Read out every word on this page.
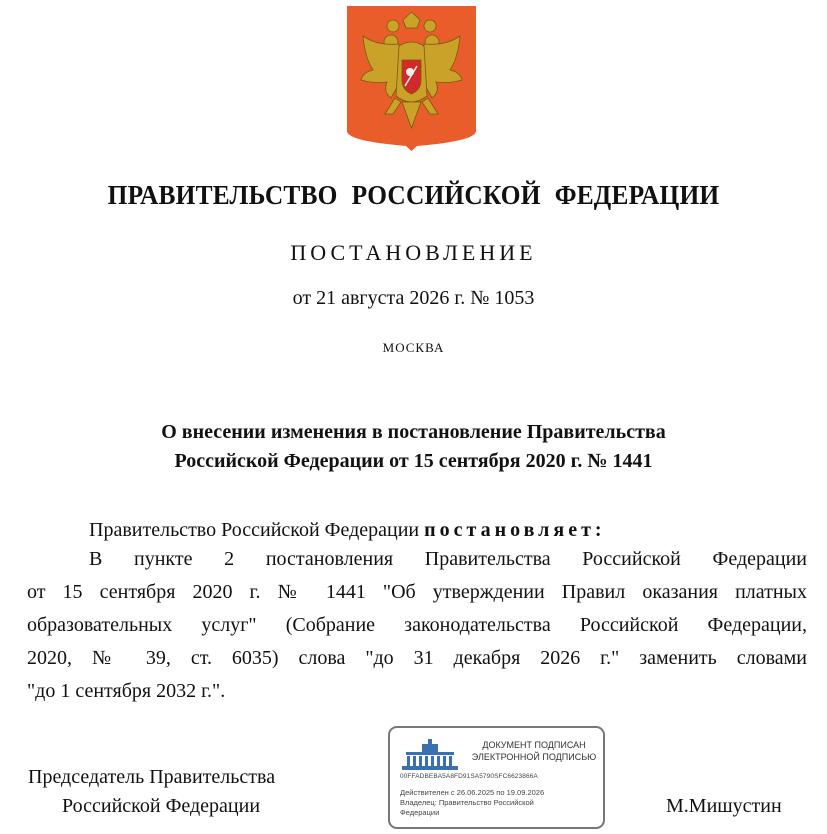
ПРАВИТЕЛЬСТВО РОССИЙСКОЙ ФЕДЕРАЦИИ
ПОСТАНОВЛЕНИЕ
от 21 августа 2026 г. № 1053
МОСКВА
О внесении изменения в постановление Правительства
Российской Федерации от 15 сентября 2020 г. № 1441
Правительство Российской Федерации постановляет:
В пункте 2 постановления Правительства Российской Федерации
от 15 сентября 2020 г. № 1441 "Об утверждении Правил оказания платных
образовательных услуг" (Собрание законодательства Российской Федерации,
2020, № 39, ст. 6035) слова "до 31 декабря 2026 г." заменить словами
"до 1 сентября 2032 г.".
Председатель Правительства
Российской Федерации	М.Мишустин
ДОКУМЕНТ ПОДПИСАН
ЭЛЕКТРОННОЙ ПОДПИСЬЮ
00FFADBEBA5A8FD91SA5790SFC6623866A
Действителен с 26.06.2025 по 19.09.2026
Владелец: Правительство Российской
Федерации
